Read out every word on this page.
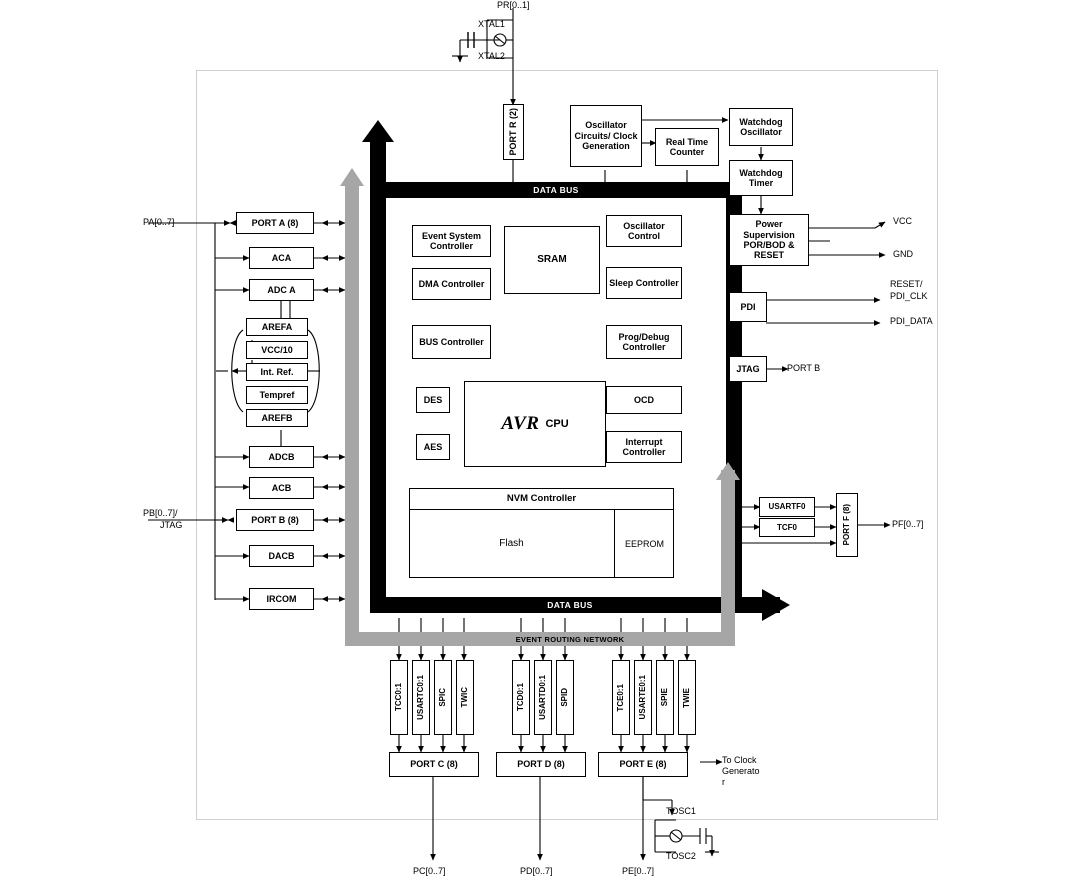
DATA BUS
DATA BUS
EVENT ROUTING NETWORK
PORT R (2)	Oscillator Circuits/ Clock Generation	Real Time Counter
Watchdog Oscillator
Watchdog Timer
Power Supervision POR/BOD & RESET
PORT A (8)
ACA
ADC A
AREFA
VCC/10
Int. Ref.
Tempref
AREFB
ADCB
ACB
PORT B (8)
DACB
IRCOM
Event System Controller
DMA Controller
BUS Controller
SRAM
Oscillator Control
Sleep Controller
Prog/Debug Controller
DES
AES
OCD
Interrupt Controller
PDI
JTAG
AVR CPU
NVM Controller
Flash	EEPROM
USARTF0
TCF0	PORT F (8)
TCC0:1 USARTC0:1 SPIC TWIC	TCD0:1 USARTD0:1 SPID	TCE0:1 USARTE0:1 SPIE TWIE
PORT C (8)	PORT D (8)	PORT E (8)
PR[0..1]
XTAL1
XTAL2
VCC
GND
RESET/
PDI_CLK
PDI_DATA
PORT B
PA[0..7]
PB[0..7]/
JTAG	PF[0..7]
PC[0..7]	PD[0..7]	PE[0..7]
To Clock Generato
r
TOSC1
TOSC2
